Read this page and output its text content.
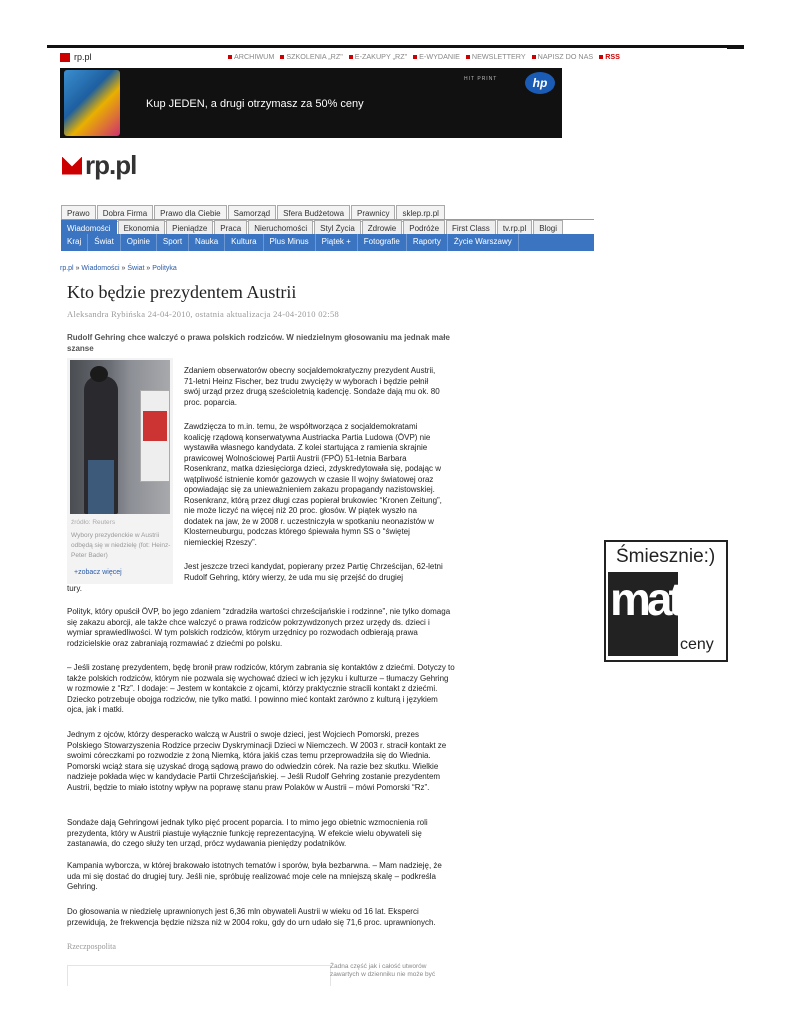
rp.pl	ARCHIWUM SZKOLENIA „RZ" E-ZAKUPY „RZ" E-WYDANIE NEWSLETTERY NAPISZ DO NAS RSS
Kup JEDEN, a drugi otrzymasz za 50% ceny
HIT PRINT	hp
rp.pl
Prawo	Dobra Firma	Prawo dla Ciebie	Samorząd	Sfera Budżetowa	Prawnicy	sklep.rp.pl
Wiadomości	Ekonomia	Pieniądze	Praca	Nieruchomości	Styl Życia	Zdrowie	Podróże	First Class	tv.rp.pl	Blogi
Kraj	Świat	Opinie	Sport	Nauka	Kultura	Plus Minus	Piątek +	Fotografie	Raporty	Życie Warszawy
rp.pl » Wiadomości » Świat » Polityka
Kto będzie prezydentem Austrii
Aleksandra Rybińska 24-04-2010, ostatnia aktualizacja 24-04-2010 02:58
Rudolf Gehring chce walczyć o prawa polskich rodziców. W niedzielnym głosowaniu ma jednak małe szanse
źródło: Reuters
Wybory prezydenckie w Austrii odbędą się w niedzielę (fot: Heinz-Peter Bader)
+zobacz więcej
Zdaniem obserwatorów obecny socjaldemokratyczny prezydent Austrii, 71-letni Heinz Fischer, bez trudu zwycięży w wyborach i będzie pełnił swój urząd przez drugą sześcioletnią kadencję. Sondaże dają mu ok. 80 proc. poparcia.
Zawdzięcza to m.in. temu, że współtworząca z socjaldemokratami koalicję rządową konserwatywna Austriacka Partia Ludowa (ÖVP) nie wystawiła własnego kandydata. Z kolei startująca z ramienia skrajnie prawicowej Wolnościowej Partii Austrii (FPÖ) 51-letnia Barbara Rosenkranz, matka dziesięciorga dzieci, zdyskredytowała się, podając w wątpliwość istnienie komór gazowych w czasie II wojny światowej oraz opowiadając się za unieważnieniem zakazu propagandy nazistowskiej. Rosenkranz, którą przez długi czas popierał brukowiec “Kronen Zeitung”, nie może liczyć na więcej niż 20 proc. głosów. W piątek wyszło na dodatek na jaw, że w 2008 r. uczestniczyła w spotkaniu neonazistów w Klosterneuburgu, podczas którego śpiewała hymn SS o “świętej niemieckiej Rzeszy”.
Jest jeszcze trzeci kandydat, popierany przez Partię Chrześcijan, 62-letni Rudolf Gehring, który wierzy, że uda mu się przejść do drugiej
tury.
Polityk, który opuścił ÖVP, bo jego zdaniem “zdradziła wartości chrześcijańskie i rodzinne”, nie tylko domaga się zakazu aborcji, ale także chce walczyć o prawa rodziców pokrzywdzonych przez urzędy ds. dzieci i wymiar sprawiedliwości. W tym polskich rodziców, którym urzędnicy po rozwodach odbierają prawa rodzicielskie oraz zabraniają rozmawiać z dziećmi po polsku.
– Jeśli zostanę prezydentem, będę bronił praw rodziców, którym zabrania się kontaktów z dziećmi. Dotyczy to także polskich rodziców, którym nie pozwala się wychować dzieci w ich języku i kulturze – tłumaczy Gehring w rozmowie z “Rz”. I dodaje: – Jestem w kontakcie z ojcami, którzy praktycznie stracili kontakt z dziećmi. Dziecko potrzebuje obojga rodziców, nie tylko matki. I powinno mieć kontakt zarówno z kulturą i językiem ojca, jak i matki.
Jednym z ojców, którzy desperacko walczą w Austrii o swoje dzieci, jest Wojciech Pomorski, prezes Polskiego Stowarzyszenia Rodzice przeciw Dyskryminacji Dzieci w Niemczech. W 2003 r. stracił kontakt ze swoimi córeczkami po rozwodzie z żoną Niemką, która jakiś czas temu przeprowadziła się do Wiednia. Pomorski wciąż stara się uzyskać drogą sądową prawo do odwiedzin córek. Na razie bez skutku. Wielkie nadzieje pokłada więc w kandydacie Partii Chrześcijańskiej. – Jeśli Rudolf Gehring zostanie prezydentem Austrii, będzie to miało istotny wpływ na poprawę stanu praw Polaków w Austrii – mówi Pomorski “Rz”.
Sondaże dają Gehringowi jednak tylko pięć procent poparcia. I to mimo jego obietnic wzmocnienia roli prezydenta, który w Austrii piastuje wyłącznie funkcję reprezentacyjną. W efekcie wielu obywateli się zastanawia, do czego służy ten urząd, prócz wydawania pieniędzy podatników.
Kampania wyborcza, w której brakowało istotnych tematów i sporów, była bezbarwna. – Mam nadzieję, że uda mi się dostać do drugiej tury. Jeśli nie, spróbuję realizować moje cele na mniejszą skalę – podkreśla Gehring.
Do głosowania w niedzielę uprawnionych jest 6,36 mln obywateli Austrii w wieku od 16 lat. Eksperci przewidują, że frekwencja będzie niższa niż w 2004 roku, gdy do urn udało się 71,6 proc. uprawnionych.
Rzeczpospolita
Żadna część jak i całość utworów zawartych w dzienniku nie może być
Śmiesznie:)
mate
ceny
